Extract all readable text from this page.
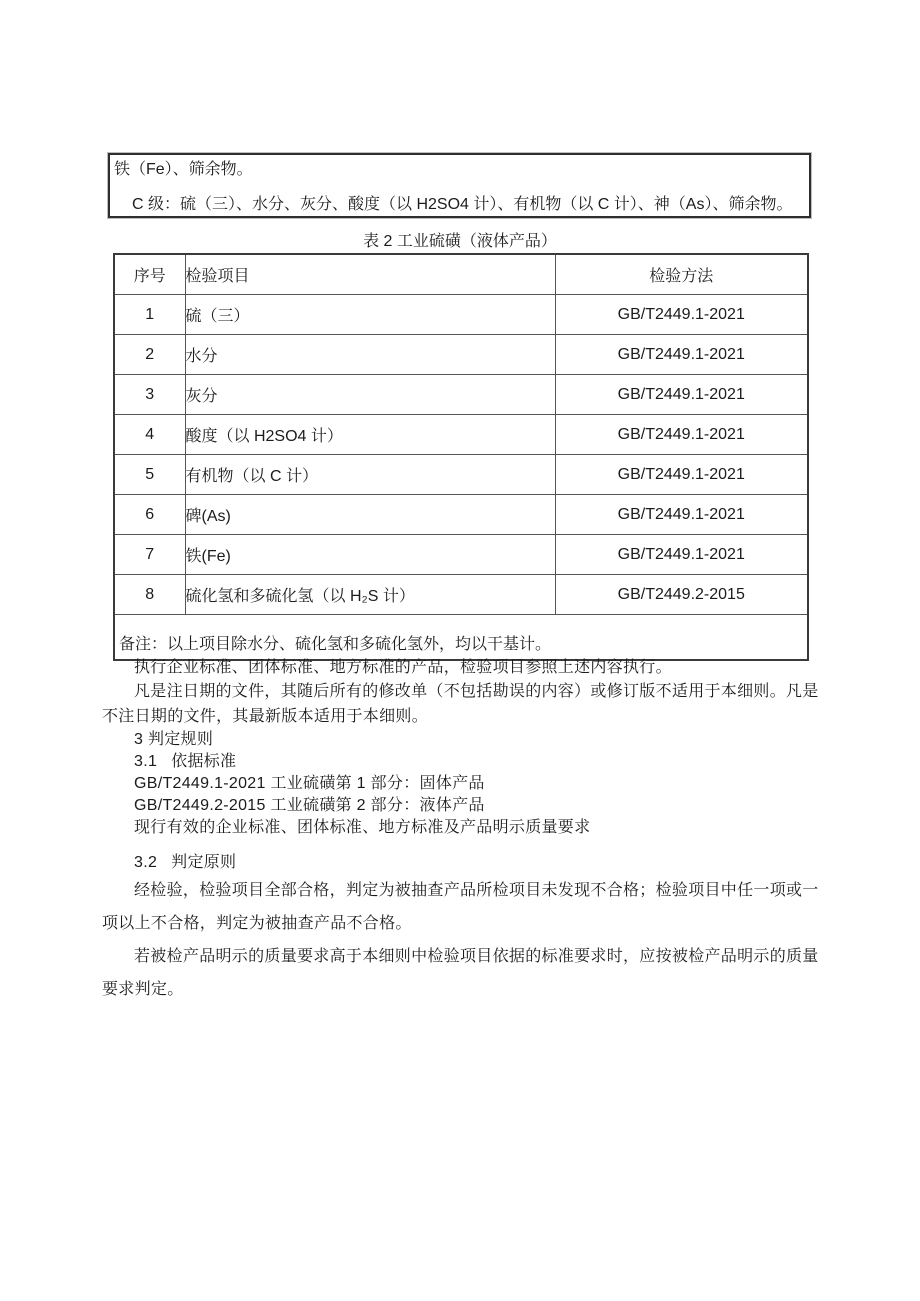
铁（Fe）、筛余物。

C 级：硫（三）、水分、灰分、酸度（以 H2SO4 计）、有机物（以 C 计）、神（As）、筛余物。

表 2 工业硫磺（液体产品）

序号	检验项目	检验方法
1	硫（三）	GB/T2449.1-2021
2	水分	GB/T2449.1-2021
3	灰分	GB/T2449.1-2021
4	酸度（以 H2SO4 计）	GB/T2449.1-2021
5	有机物（以 C 计）	GB/T2449.1-2021
6	碑(As)	GB/T2449.1-2021
7	铁(Fe)	GB/T2449.1-2021
8	硫化氢和多硫化氢（以 H₂S 计）	GB/T2449.2-2015
备注：以上项目除水分、硫化氢和多硫化氢外，均以干基计。		

执行企业标准、团体标准、地方标准的产品，检验项目参照上述内容执行。

凡是注日期的文件，其随后所有的修改单（不包括勘误的内容）或修订版不适用于本细则。凡是不注日期的文件，其最新版本适用于本细则。

3 判定规则

3.1 依据标准

GB/T2449.1-2021 工业硫磺第 1 部分：固体产品

GB/T2449.2-2015 工业硫磺第 2 部分：液体产品

现行有效的企业标准、团体标准、地方标准及产品明示质量要求

3.2 判定原则

经检验，检验项目全部合格，判定为被抽查产品所检项目未发现不合格；检验项目中任一项或一项以上不合格，判定为被抽查产品不合格。

若被检产品明示的质量要求高于本细则中检验项目依据的标准要求时，应按被检产品明示的质量要求判定。
